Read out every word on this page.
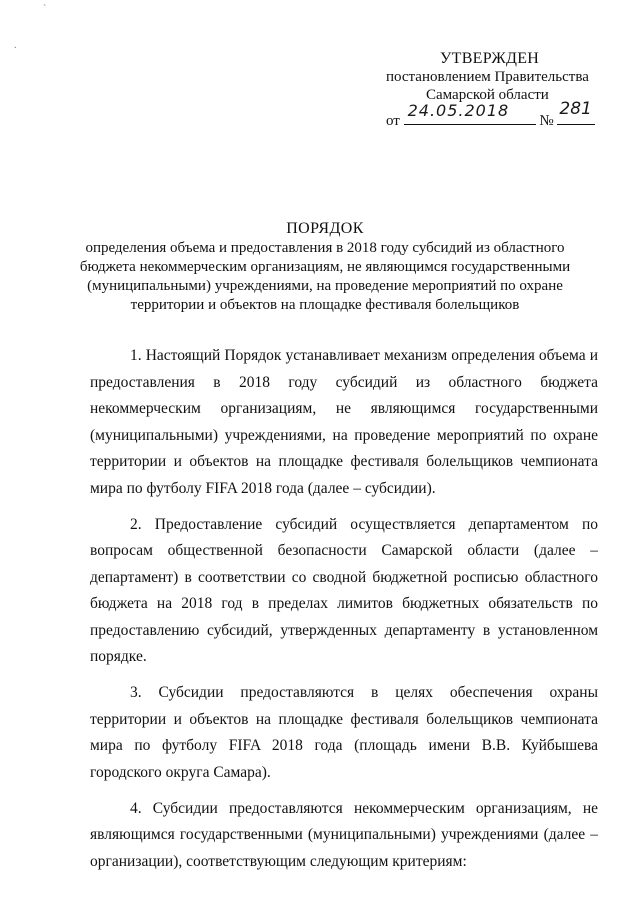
`
.
УТВЕРЖДЕН
постановлением Правительства
Самарской области
от
24.05.2018
№
281
ПОРЯДОК
определения объема и предоставления в 2018 году субсидий из областного
бюджета некоммерческим организациям, не являющимся государственными
(муниципальными) учреждениями, на проведение мероприятий по охране
территории и объектов на площадке фестиваля болельщиков

1. Настоящий Порядок устанавливает механизм определения объема и предоставления в 2018 году субсидий из областного бюджета некоммерческим организациям, не являющимся государственными (муниципальными) учреждениями, на проведение мероприятий по охране территории и объектов на площадке фестиваля болельщиков чемпионата мира по футболу FIFA 2018 года (далее – субсидии).

2. Предоставление субсидий осуществляется департаментом по вопросам общественной безопасности Самарской области (далее – департамент) в соответствии со сводной бюджетной росписью областного бюджета на 2018 год в пределах лимитов бюджетных обязательств по предоставлению субсидий, утвержденных департаменту в установленном порядке.

3. Субсидии предоставляются в целях обеспечения охраны территории и объектов на площадке фестиваля болельщиков чемпионата мира по футболу FIFA 2018 года (площадь имени В.В. Куйбышева городского округа Самара).

4. Субсидии предоставляются некоммерческим организациям, не являющимся государственными (муниципальными) учреждениями (далее – организации), соответствующим следующим критериям:
